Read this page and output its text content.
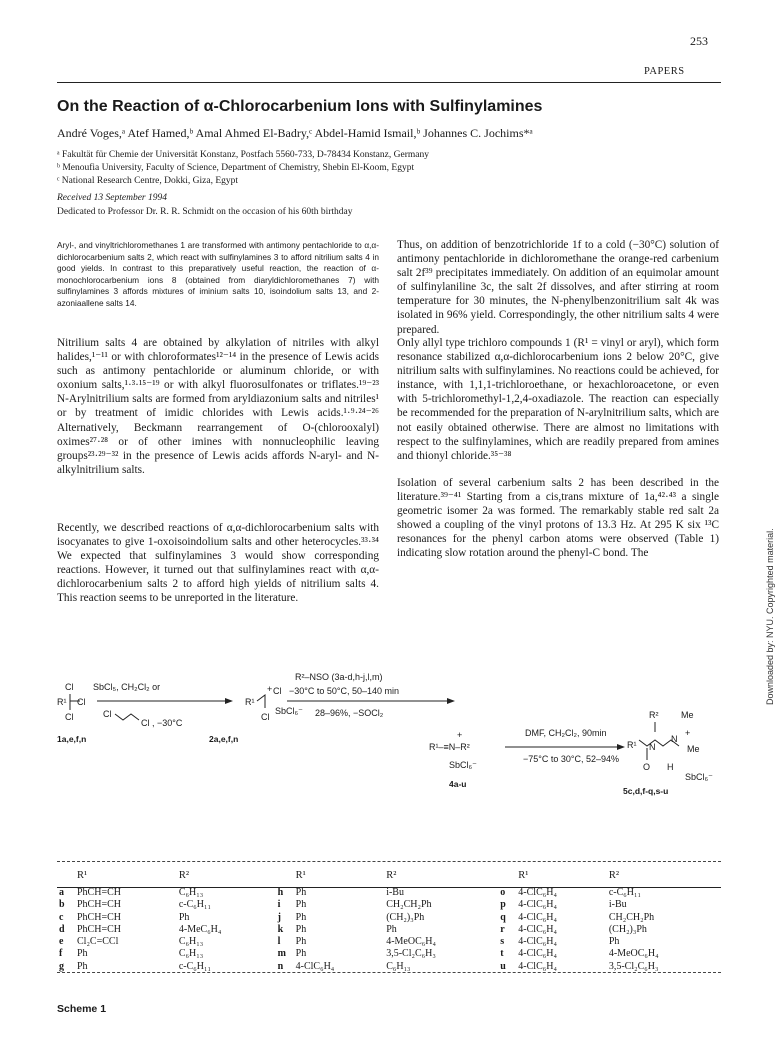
253
PAPERS
On the Reaction of α-Chlorocarbenium Ions with Sulfinylamines
André Voges,ᵃ Atef Hamed,ᵇ Amal Ahmed El-Badry,ᶜ Abdel-Hamid Ismail,ᵇ Johannes C. Jochims*ᵃ
ᵃ Fakultät für Chemie der Universität Konstanz, Postfach 5560-733, D-78434 Konstanz, Germany
ᵇ Menoufia University, Faculty of Science, Department of Chemistry, Shebin El-Koom, Egypt
ᶜ National Research Centre, Dokki, Giza, Egypt
Received 13 September 1994
Dedicated to Professor Dr. R. R. Schmidt on the occasion of his 60th birthday

Aryl-, and vinyltrichloromethanes 1 are transformed with antimony pentachloride to α,α-dichlorocarbenium salts 2, which react with sulfinylamines 3 to afford nitrilium salts 4 in good yields. In contrast to this preparatively useful reaction, the reaction of α-monochlorocarbenium ions 8 (obtained from diaryldichloromethanes 7) with sulfinylamines 3 affords mixtures of iminium salts 10, isoindolium salts 13, and 2-azoniaallene salts 14.

Nitrilium salts 4 are obtained by alkylation of nitriles with alkyl halides,¹⁻¹¹ or with chloroformates¹²⁻¹⁴ in the presence of Lewis acids such as antimony pentachloride or aluminum chloride, or with oxonium salts,¹·³·¹⁵⁻¹⁹ or with alkyl fluorosulfonates or triflates.¹⁹⁻²³ N-Arylnitrilium salts are formed from aryldiazonium salts and nitriles¹ or by treatment of imidic chlorides with Lewis acids.¹·⁹·²⁴⁻²⁶ Alternatively, Beckmann rearrangement of O-(chlorooxalyl) oximes²⁷·²⁸ or of other imines with nonnucleophilic leaving groups²³·²⁹⁻³² in the presence of Lewis acids affords N-aryl- and N-alkylnitrilium salts.

Recently, we described reactions of α,α-dichlorocarbenium salts with isocyanates to give 1-oxoisoindolium salts and other heterocycles.³³·³⁴ We expected that sulfinylamines 3 would show corresponding reactions. However, it turned out that sulfinylamines react with α,α-dichlorocarbenium salts 2 to afford high yields of nitrilium salts 4. This reaction seems to be unreported in the literature.

Thus, on addition of benzotrichloride 1f to a cold (−30°C) solution of antimony pentachloride in dichloromethane the orange-red carbenium salt 2f³⁹ precipitates immediately. On addition of an equimolar amount of sulfinylaniline 3c, the salt 2f dissolves, and after stirring at room temperature for 30 minutes, the N-phenylbenzonitrilium salt 4k was isolated in 96% yield. Correspondingly, the other nitrilium salts 4 were prepared.

Only allyl type trichloro compounds 1 (R¹ = vinyl or aryl), which form resonance stabilized α,α-dichlorocarbenium ions 2 below 20°C, give nitrilium salts with sulfinylamines. No reactions could be achieved, for instance, with 1,1,1-trichloroethane, or hexachloroacetone, or even with 5-trichloromethyl-1,2,4-oxadiazole. The reaction can especially be recommended for the preparation of N-arylnitrilium salts, which are not easily obtained otherwise. There are almost no limitations with respect to the sulfinylamines, which are readily prepared from amines and thionyl chloride.³⁵⁻³⁸

Isolation of several carbenium salts 2 has been described in the literature.³⁹⁻⁴¹ Starting from a cis,trans mixture of 1a,⁴²·⁴³ a single geometric isomer 2a was formed. The remarkably stable red salt 2a showed a coupling of the vinyl protons of 13.3 Hz. At 295 K six ¹³C resonances for the phenyl carbon atoms were observed (Table 1) indicating slow rotation around the phenyl-C bond. The	Downloaded by: NYU. Copyrighted material.
Cl
R¹ Cl
Cl
SbCl₅, CH₂Cl₂ or
Cl
Cl , −30°C
R¹
+ Cl
Cl
SbCl₆⁻
R²–NSO (3a-d,h-j,l,m)
−30°C to 50°C, 50–140 min
28–96%, −SOCl₂
1a,e,f,n	2a,e,f,n	+
R¹–≡N–R²
SbCl₆⁻
4a-u
DMF, CH₂Cl₂, 90min
−75°C to 30°C, 52–94%
R²	Me
R¹ N
N
+
Me
O H
SbCl₆⁻
5c,d,f-q,s-u
	R¹	R²		R¹	R²		R¹	R²
a	PhCH=CH	C₆H₁₃	h	Ph	i-Bu	o	4-ClC₆H₄	c-C₆H₁₁
b	PhCH=CH	c-C₆H₁₁	i	Ph	CH₂CH₂Ph	p	4-ClC₆H₄	i-Bu
c	PhCH=CH	Ph	j	Ph	(CH₂)₃Ph	q	4-ClC₆H₄	CH₂CH₂Ph
d	PhCH=CH	4-MeC₆H₄	k	Ph	Ph	r	4-ClC₆H₄	(CH₂)₃Ph
e	Cl₂C=CCl	C₆H₁₃	l	Ph	4-MeOC₆H₄	s	4-ClC₆H₄	Ph
f	Ph	C₆H₁₃	m	Ph	3,5-Cl₂C₆H₃	t	4-ClC₆H₄	4-MeOC₆H₄
g	Ph	c-C₆H₁₁	n	4-ClC₆H₄	C₆H₁₃	u	4-ClC₆H₄	3,5-Cl₂C₆H₃
Scheme 1
